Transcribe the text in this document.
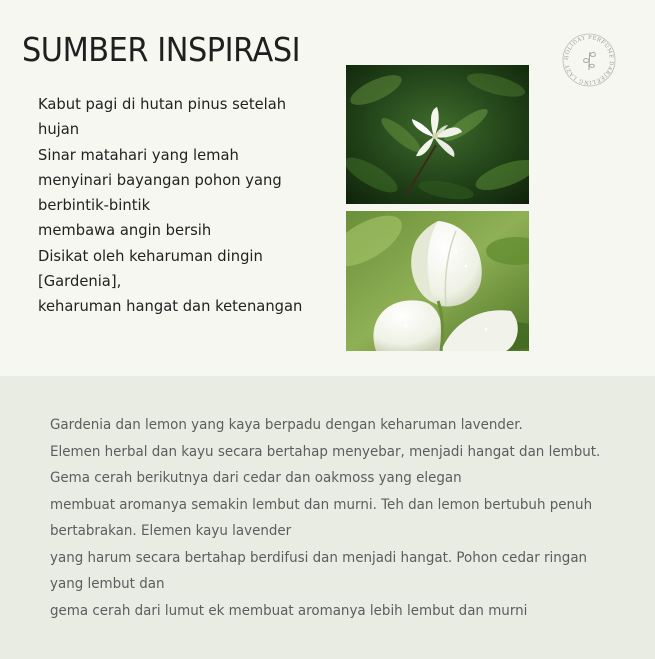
SUMBER INSPIRASI	HOLIDAY PERFUME DARJEELING LAZY
Kabut pagi di hutan pinus setelah
hujan
Sinar matahari yang lemah
menyinari bayangan pohon yang
berbintik-bintik
membawa angin bersih
Disikat oleh keharuman dingin
[Gardenia],
keharuman hangat dan ketenangan
Gardenia dan lemon yang kaya berpadu dengan keharuman lavender.
Elemen herbal dan kayu secara bertahap menyebar, menjadi hangat dan lembut.
Gema cerah berikutnya dari cedar dan oakmoss yang elegan
membuat aromanya semakin lembut dan murni. Teh dan lemon bertubuh penuh
bertabrakan. Elemen kayu lavender
yang harum secara bertahap berdifusi dan menjadi hangat. Pohon cedar ringan
yang lembut dan
gema cerah dari lumut ek membuat aromanya lebih lembut dan murni
